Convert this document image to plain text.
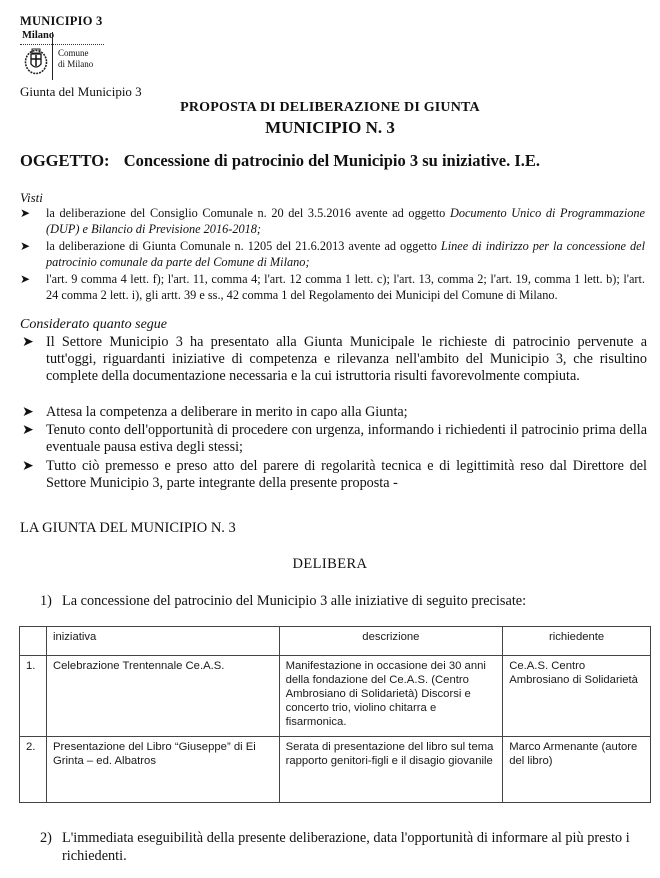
MUNICIPIO 3
Milano
Comune
di Milano
Giunta del Municipio 3
PROPOSTA DI DELIBERAZIONE DI GIUNTA
MUNICIPIO N. 3
OGGETTO: Concessione di patrocinio del Municipio 3 su iniziative. I.E.
Visti
➤ la deliberazione del Consiglio Comunale n. 20 del 3.5.2016 avente ad oggetto Documento Unico di Programmazione (DUP) e Bilancio di Previsione 2016-2018;
➤ la deliberazione di Giunta Comunale n. 1205 del 21.6.2013 avente ad oggetto Linee di indirizzo per la concessione del patrocinio comunale da parte del Comune di Milano;
➤ l'art. 9 comma 4 lett. f); l'art. 11, comma 4; l'art. 12 comma 1 lett. c); l'art. 13, comma 2; l'art. 19, comma 1 lett. b); l'art. 24 comma 2 lett. i), gli artt. 39 e ss., 42 comma 1 del Regolamento dei Municipi del Comune di Milano.
Considerato quanto segue
➤ Il Settore Municipio 3 ha presentato alla Giunta Municipale le richieste di patrocinio pervenute a tutt'oggi, riguardanti iniziative di competenza e rilevanza nell'ambito del Municipio 3, che risultino complete della documentazione necessaria e la cui istruttoria risulti favorevolmente compiuta.
➤ Attesa la competenza a deliberare in merito in capo alla Giunta;
➤ Tenuto conto dell'opportunità di procedere con urgenza, informando i richiedenti il patrocinio prima della eventuale pausa estiva degli stessi;
➤ Tutto ciò premesso e preso atto del parere di regolarità tecnica e di legittimità reso dal Direttore del Settore Municipio 3, parte integrante della presente proposta -
LA GIUNTA DEL MUNICIPIO N. 3
DELIBERA
1) La concessione del patrocinio del Municipio 3 alle iniziative di seguito precisate:
	iniziativa	descrizione	richiedente
1.	Celebrazione Trentennale Ce.A.S.	Manifestazione in occasione dei 30 anni della fondazione del Ce.A.S. (Centro Ambrosiano di Solidarietà) Discorsi e concerto trio, violino chitarra e fisarmonica.	Ce.A.S. Centro Ambrosiano di Solidarietà
2.	Presentazione del Libro “Giuseppe” di Ei Grinta – ed. Albatros	Serata di presentazione del libro sul tema rapporto genitori-figli e il disagio giovanile	Marco Armenante (autore del libro)
2) L'immediata eseguibilità della presente deliberazione, data l'opportunità di informare al più presto i richiedenti.
